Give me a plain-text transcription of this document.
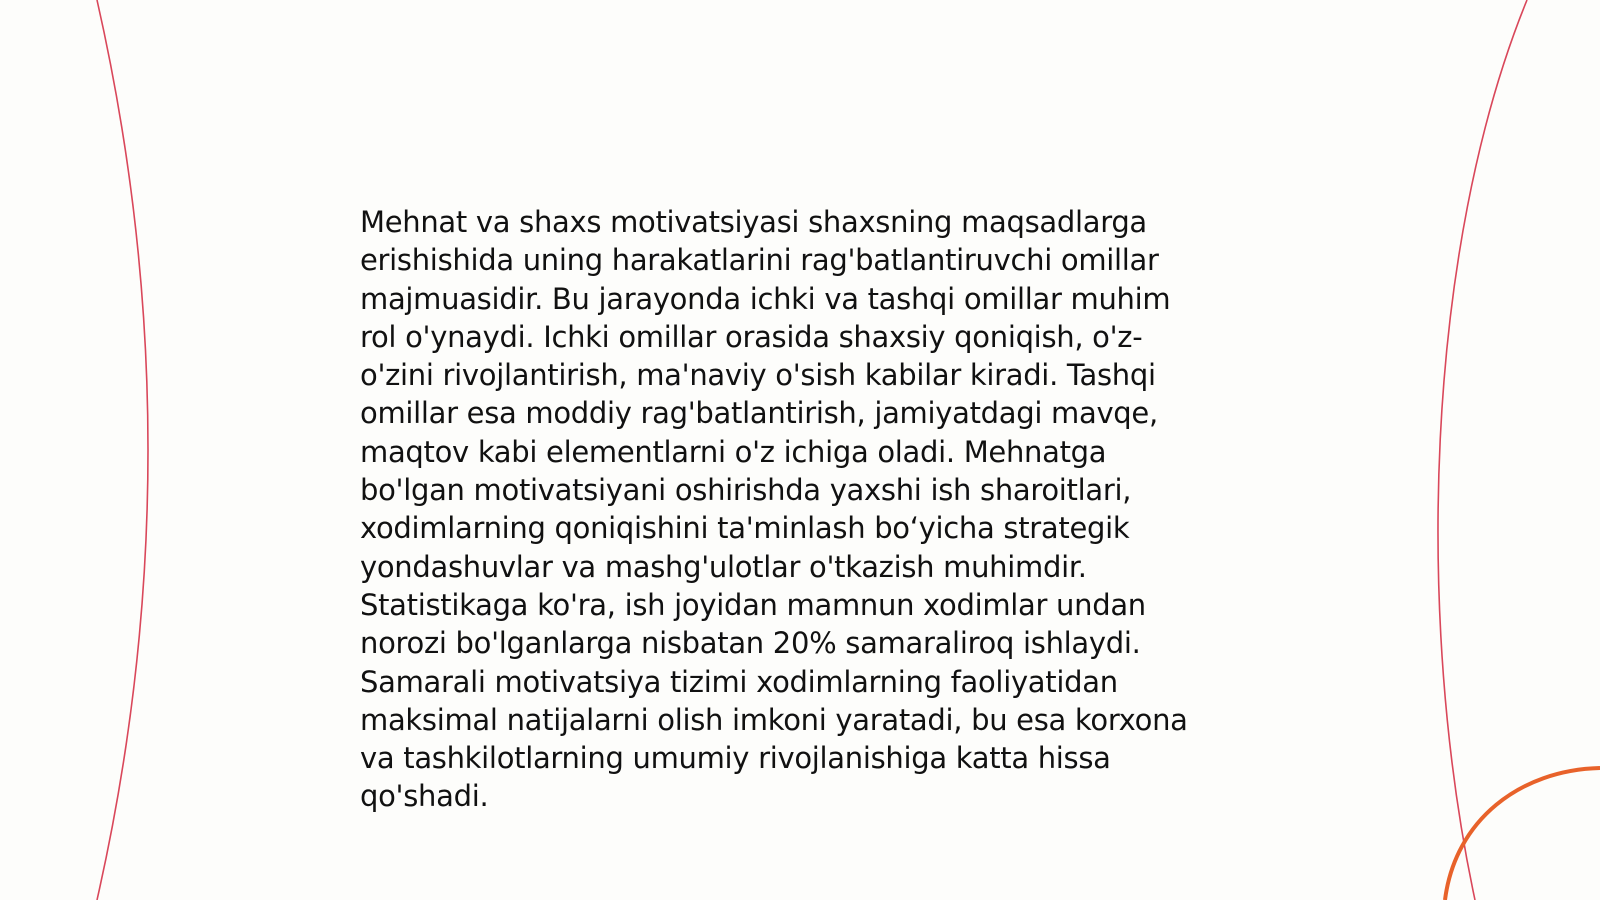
Mehnat va shaxs motivatsiyasi shaxsning maqsadlarga
erishishida uning harakatlarini rag'batlantiruvchi omillar
majmuasidir. Bu jarayonda ichki va tashqi omillar muhim
rol o'ynaydi. Ichki omillar orasida shaxsiy qoniqish, o'z-
o'zini rivojlantirish, ma'naviy o'sish kabilar kiradi. Tashqi
omillar esa moddiy rag'batlantirish, jamiyatdagi mavqe,
maqtov kabi elementlarni o'z ichiga oladi. Mehnatga
bo'lgan motivatsiyani oshirishda yaxshi ish sharoitlari,
xodimlarning qoniqishini ta'minlash bo‘yicha strategik
yondashuvlar va mashg'ulotlar o'tkazish muhimdir.
Statistikaga ko'ra, ish joyidan mamnun xodimlar undan
norozi bo'lganlarga nisbatan 20% samaraliroq ishlaydi.
Samarali motivatsiya tizimi xodimlarning faoliyatidan
maksimal natijalarni olish imkoni yaratadi, bu esa korxona
va tashkilotlarning umumiy rivojlanishiga katta hissa
qo'shadi.
